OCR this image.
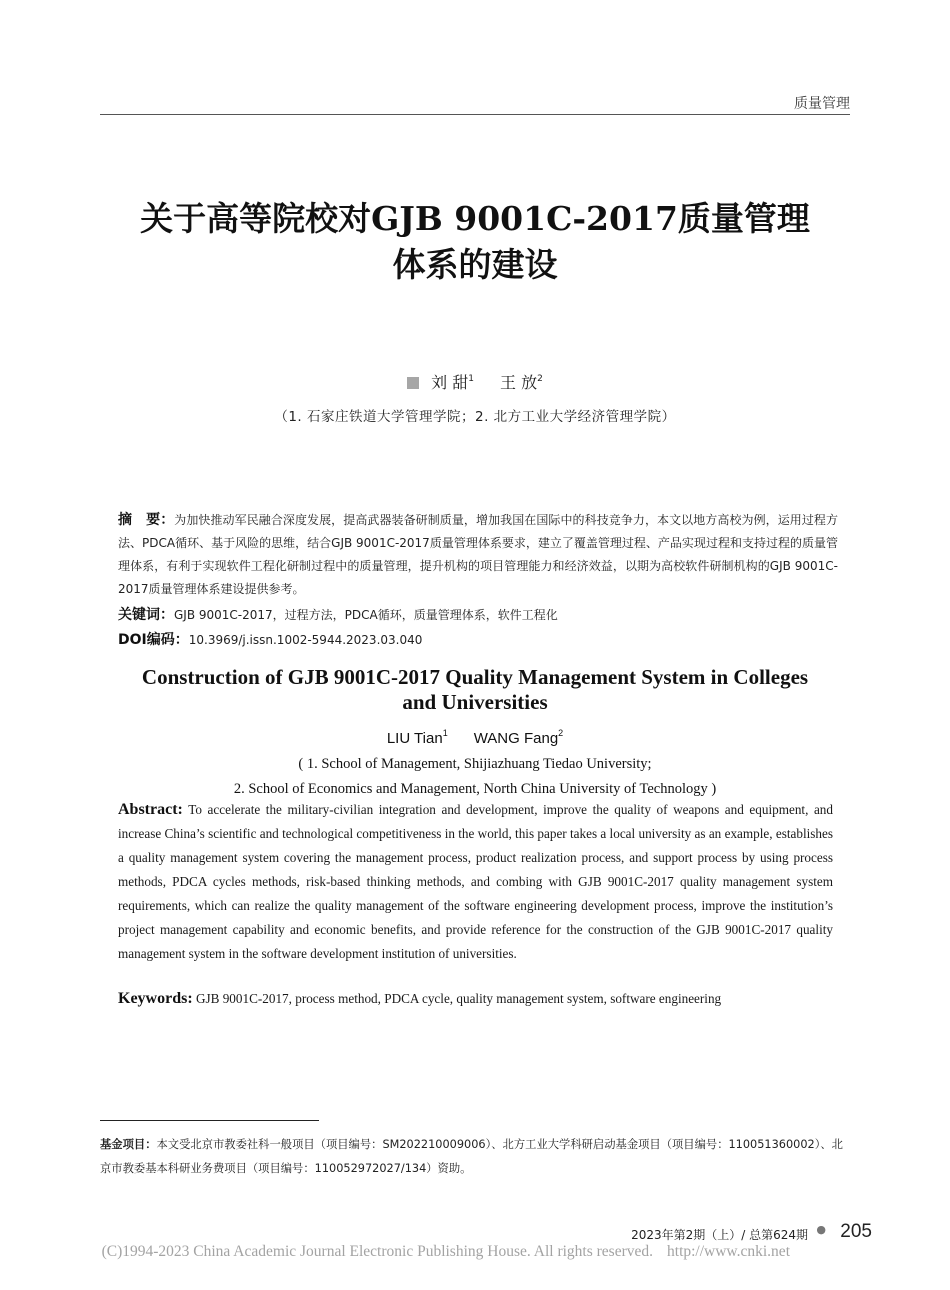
质量管理
关于高等院校对GJB 9001C-2017质量管理
体系的建设
刘 甜$^1$ 王 放$^2$
（1. 石家庄铁道大学管理学院；2. 北方工业大学经济管理学院）
摘　要：为加快推动军民融合深度发展，提高武器装备研制质量，增加我国在国际中的科技竞争力，本文以地方高校为例，运用过程方法、PDCA循环、基于风险的思维，结合GJB 9001C-2017质量管理体系要求，建立了覆盖管理过程、产品实现过程和支持过程的质量管理体系，有利于实现软件工程化研制过程中的质量管理，提升机构的项目管理能力和经济效益，以期为高校软件研制机构的GJB 9001C-2017质量管理体系建设提供参考。
关键词：GJB 9001C-2017，过程方法，PDCA循环，质量管理体系，软件工程化
DOI编码：10.3969/j.issn.1002-5944.2023.03.040
Construction of GJB 9001C-2017 Quality Management System in Colleges
and Universities
LIU Tian$^1$ WANG Fang$^2$
( 1. School of Management, Shijiazhuang Tiedao University;
2. School of Economics and Management, North China University of Technology )
Abstract: To accelerate the military-civilian integration and development, improve the quality of weapons and equipment, and increase China’s scientific and technological competitiveness in the world, this paper takes a local university as an example, establishes a quality management system covering the management process, product realization process, and support process by using process methods, PDCA cycles methods, risk-based thinking methods, and combing with GJB 9001C-2017 quality management system requirements, which can realize the quality management of the software engineering development process, improve the institution’s project management capability and economic benefits, and provide reference for the construction of the GJB 9001C-2017 quality management system in the software development institution of universities.
Keywords: GJB 9001C-2017, process method, PDCA cycle, quality management system, software engineering
基金项目：本文受北京市教委社科一般项目（项目编号：SM202210009006）、北方工业大学科研启动基金项目（项目编号：110051360002）、北京市教委基本科研业务费项目（项目编号：110052972027/134）资助。
2023年第2期（上）/ 总第624期 ● 205
(C)1994-2023 China Academic Journal Electronic Publishing House. All rights reserved. http://www.cnki.net
